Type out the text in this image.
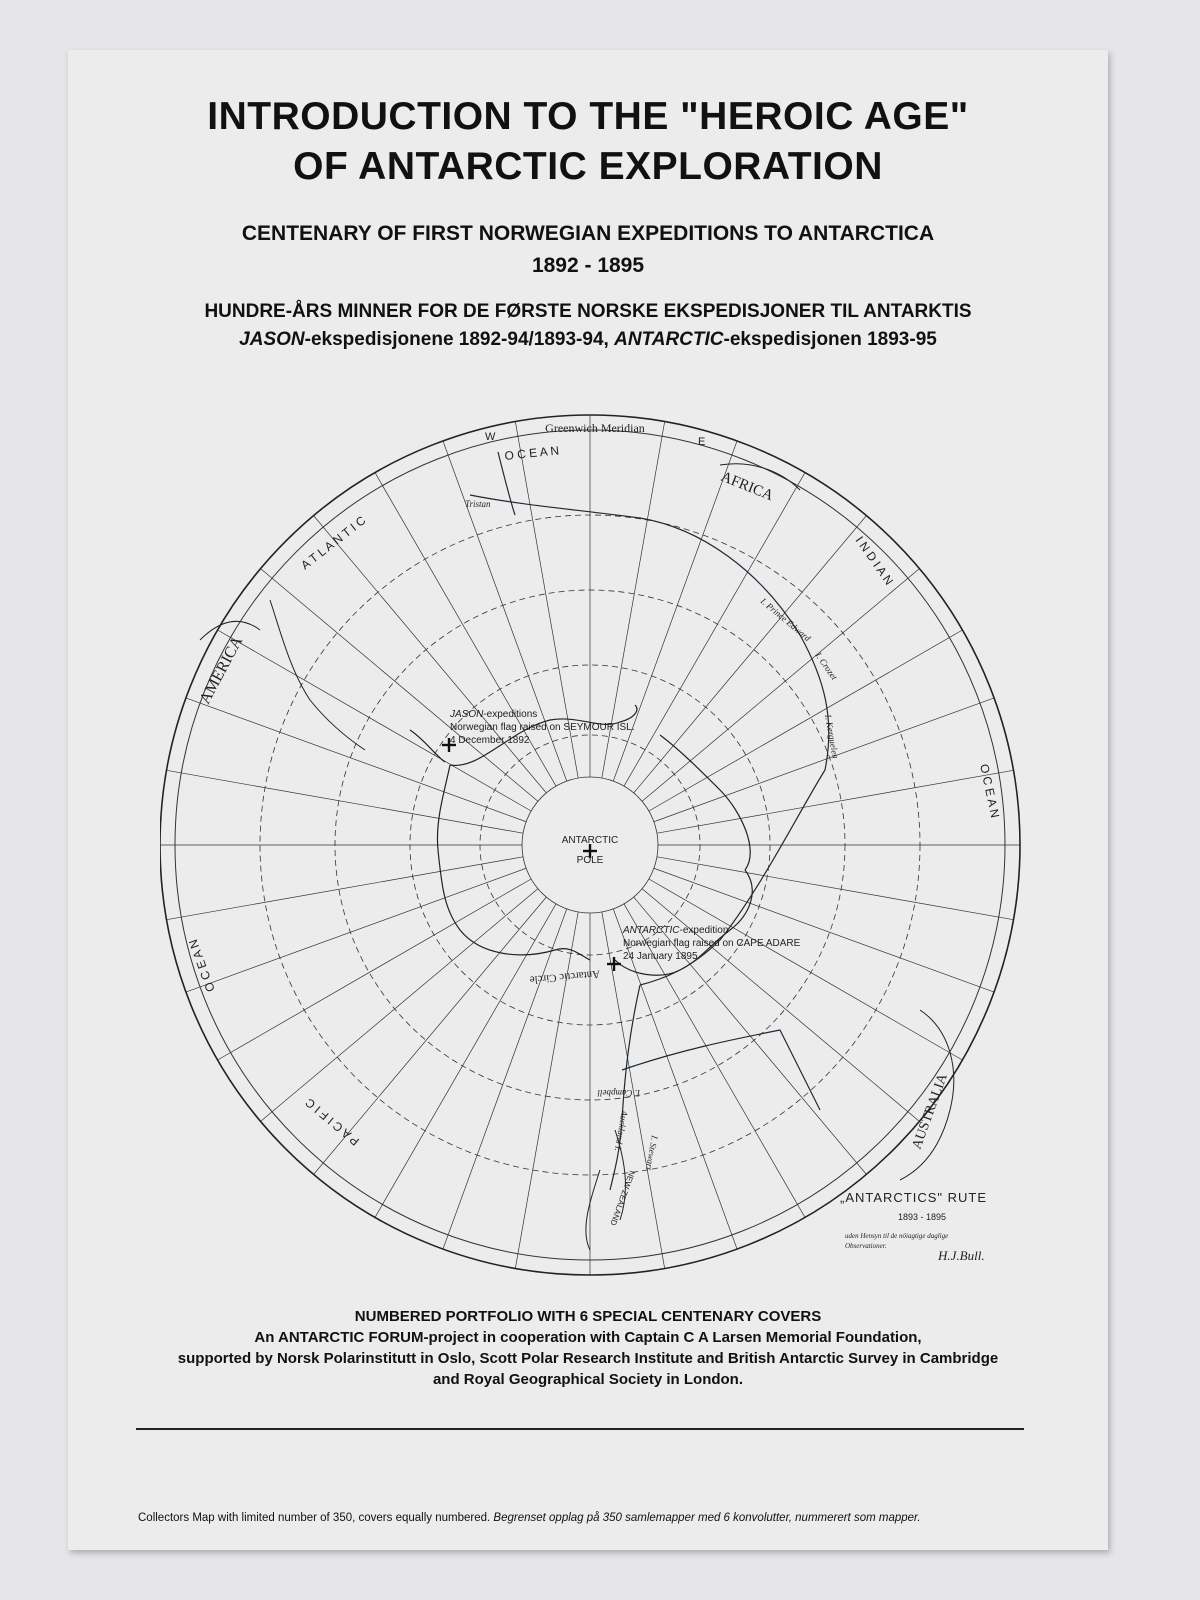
INTRODUCTION TO THE "HEROIC AGE"
OF ANTARCTIC EXPLORATION
CENTENARY OF FIRST NORWEGIAN EXPEDITIONS TO ANTARCTICA
1892 - 1895
HUNDRE-ÅRS MINNER FOR DE FØRSTE NORSKE EKSPEDISJONER TIL ANTARKTIS
JASON-ekspedisjonene 1892-94/1893-94, ANTARCTIC-ekspedisjonen 1893-95
Greenwich Meridian
W	E
ANTARCTIC
POLE
JASON-expeditions
Norwegian flag raised on SEYMOUR ISL.
4 December 1892
ANTARCTIC-expedition
Norwegian flag raised on CAPE ADARE
24 January 1895
AFRICA
AMERICA
AUSTRALIA
A T L A N T I C
O C E A N
I N D I A N
O C E A N
P A C I F I C
O C E A N	Antarctic Circle
NEW ZEALAND
Tristan
I. Prince Edward
I. Crozet
I. Kerguelen
I. Campbell
Auckland I.
I. Stewart
„ANTARCTICS" RUTE
1893 - 1895
uden Hensyn til de nöiagtige daglige
Observationer.
H.J.Bull.
NUMBERED PORTFOLIO WITH 6 SPECIAL CENTENARY COVERS
An ANTARCTIC FORUM-project in cooperation with Captain C A Larsen Memorial Foundation,
supported by Norsk Polarinstitutt in Oslo, Scott Polar Research Institute and British Antarctic Survey in Cambridge
and Royal Geographical Society in London.
Collectors Map with limited number of 350, covers equally numbered. Begrenset opplag på 350 samlemapper med 6 konvolutter, nummerert som mapper.
